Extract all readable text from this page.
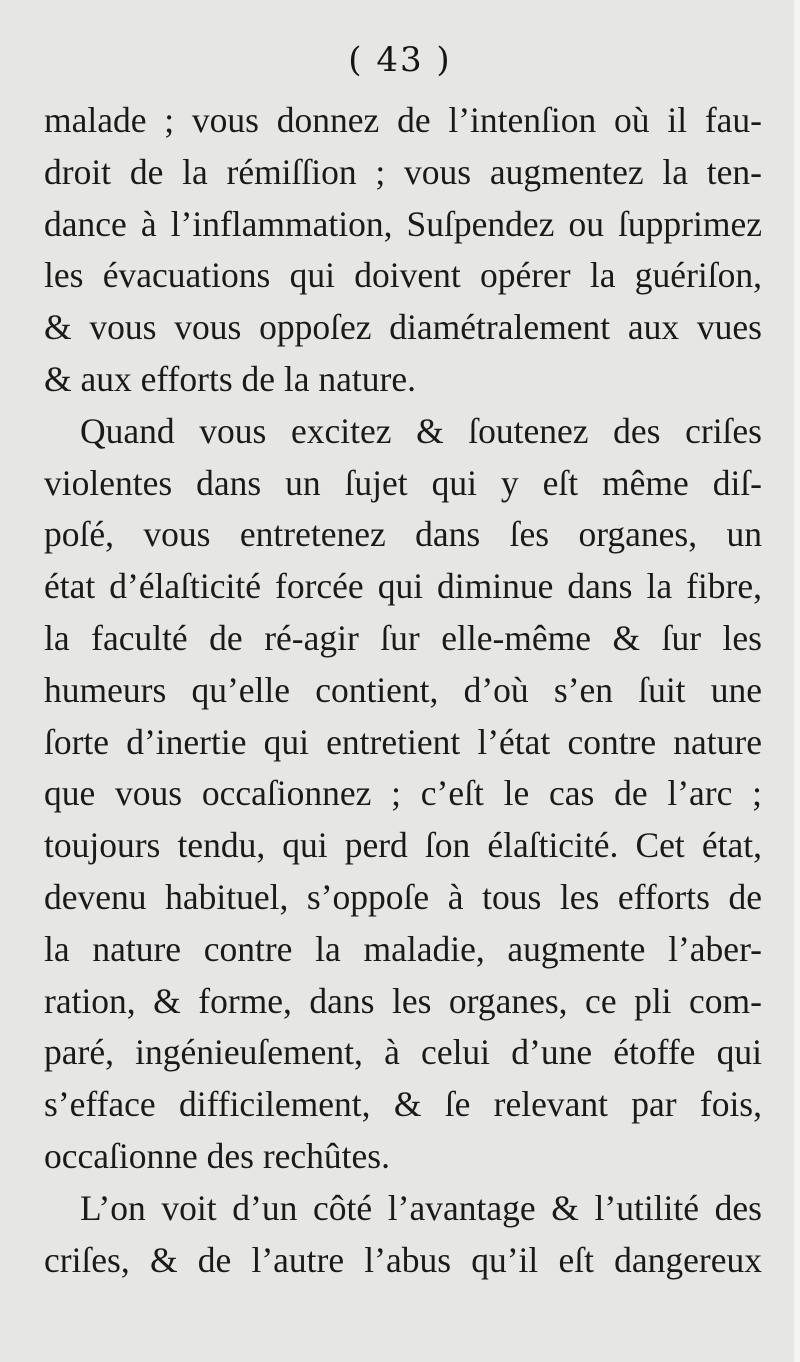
( 43 )
malade ; vous donnez de l’intenſion où il fau-
droit de la rémiſſion ; vous augmentez la ten-
dance à l’inflammation, Suſpendez ou ſupprimez
les évacuations qui doivent opérer la guériſon,
& vous vous oppoſez diamétralement aux vues
& aux efforts de la nature.
Quand vous excitez & ſoutenez des criſes
violentes dans un ſujet qui y eſt même diſ-
poſé, vous entretenez dans ſes organes, un
état d’élaſticité forcée qui diminue dans la fibre,
la faculté de ré-agir ſur elle-même & ſur les
humeurs qu’elle contient, d’où s’en ſuit une
ſorte d’inertie qui entretient l’état contre nature
que vous occaſionnez ; c’eſt le cas de l’arc ;
toujours tendu, qui perd ſon élaſticité. Cet état,
devenu habituel, s’oppoſe à tous les efforts de
la nature contre la maladie, augmente l’aber-
ration, & forme, dans les organes, ce pli com-
paré, ingénieuſement, à celui d’une étoffe qui
s’efface difficilement, & ſe relevant par fois,
occaſionne des rechûtes.
L’on voit d’un côté l’avantage & l’utilité des
criſes, & de l’autre l’abus qu’il eſt dangereux
